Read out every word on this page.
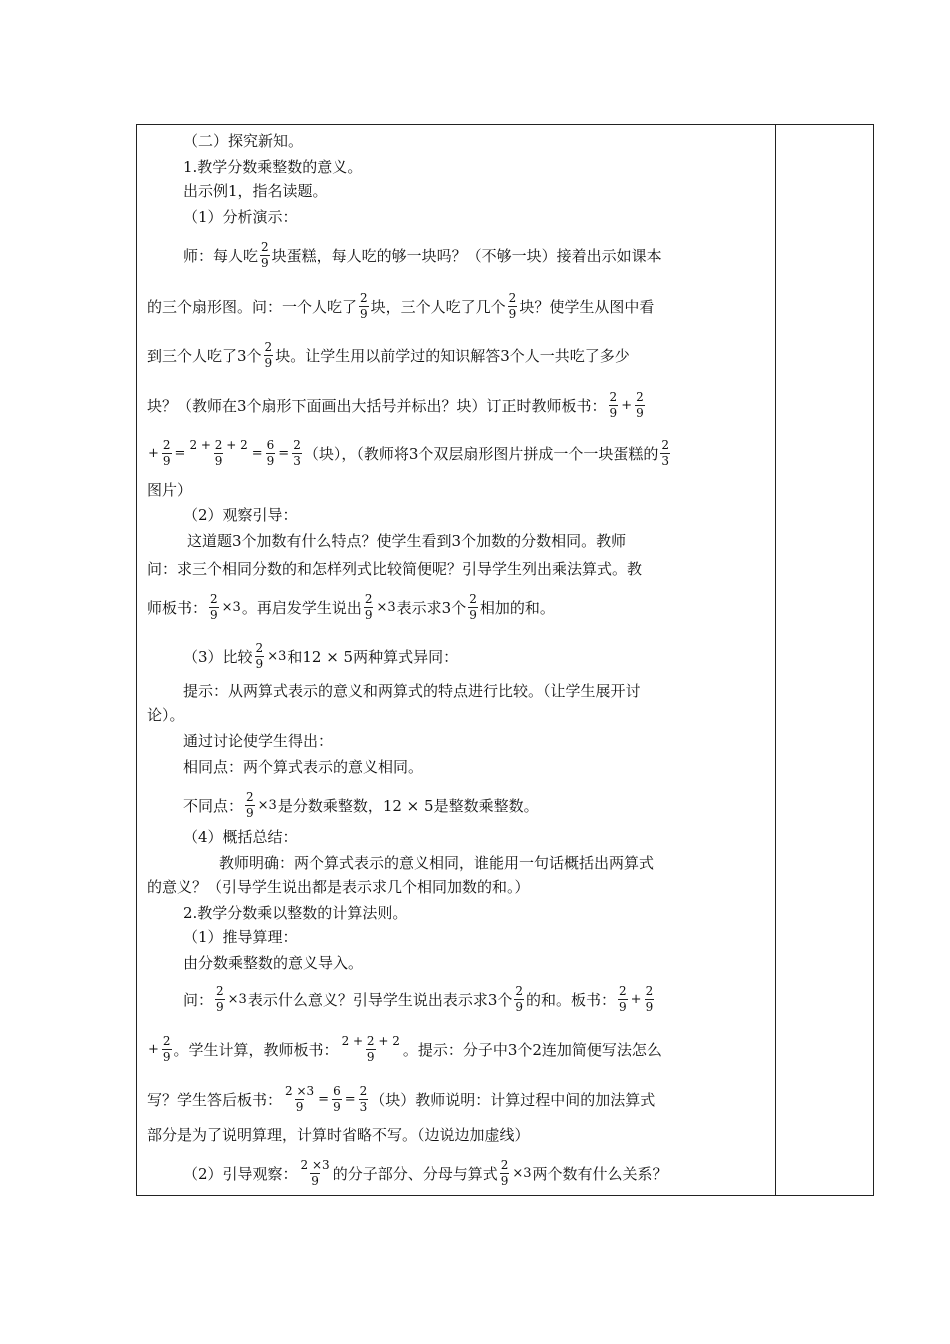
（二）探究新知。
1.教学分数乘整数的意义。
出示例1，指名读题。
（1）分析演示：
师：每人吃 $\frac{2}{9}$ 块蛋糕，每人吃的够一块吗？（不够一块）接着出示如课本
的三个扇形图。问：一个人吃了 $\frac{2}{9}$ 块，三个人吃了几个 $\frac{2}{9}$ 块？使学生从图中看
到三个人吃了3个 $\frac{2}{9}$ 块。让学生用以前学过的知识解答3个人一共吃了多少
块？（教师在3个扇形下面画出大括号并标出？块）订正时教师板书： $\frac{2}{9} + \frac{2}{9}$
+ $\frac{2}{9} = \frac{2 + 2 + 2}{9} = \frac{6}{9} = \frac{2}{3}$ （块），（教师将3个双层扇形图片拼成一个一块蛋糕的 $\frac{2}{3}$
图片）
（2）观察引导：
这道题3个加数有什么特点？使学生看到3个加数的分数相同。教师
问：求三个相同分数的和怎样列式比较简便呢？引导学生列出乘法算式。教
师板书： $\frac{2}{9} \times 3$。再启发学生说出 $\frac{2}{9} \times 3$表示求3个 $\frac{2}{9}$ 相加的和。
（3）比较 $\frac{2}{9} \times 3$和12 × 5两种算式异同：
提示：从两算式表示的意义和两算式的特点进行比较。（让学生展开讨
论）。
通过讨论使学生得出：
相同点：两个算式表示的意义相同。
不同点： $\frac{2}{9} \times 3$是分数乘整数，12 × 5是整数乘整数。
（4）概括总结：
教师明确：两个算式表示的意义相同，谁能用一句话概括出两算式
的意义？（引导学生说出都是表示求几个相同加数的和。）
2.教学分数乘以整数的计算法则。
（1）推导算理：
由分数乘整数的意义导入。
问： $\frac{2}{9} \times 3$表示什么意义？引导学生说出表示求3个 $\frac{2}{9}$ 的和。板书： $\frac{2}{9} + \frac{2}{9}$
+ $\frac{2}{9}$ 。学生计算，教师板书： $\frac{2 + 2 + 2}{9}$ 。提示：分子中3个2连加简便写法怎么
写？学生答后板书： $\frac{2 \times 3}{9} = \frac{6}{9} = \frac{2}{3}$ （块）教师说明：计算过程中间的加法算式
部分是为了说明算理，计算时省略不写。（边说边加虚线）
（2）引导观察： $\frac{2 \times 3}{9}$ 的分子部分、分母与算式 $\frac{2}{9} \times 3$两个数有什么关系？
